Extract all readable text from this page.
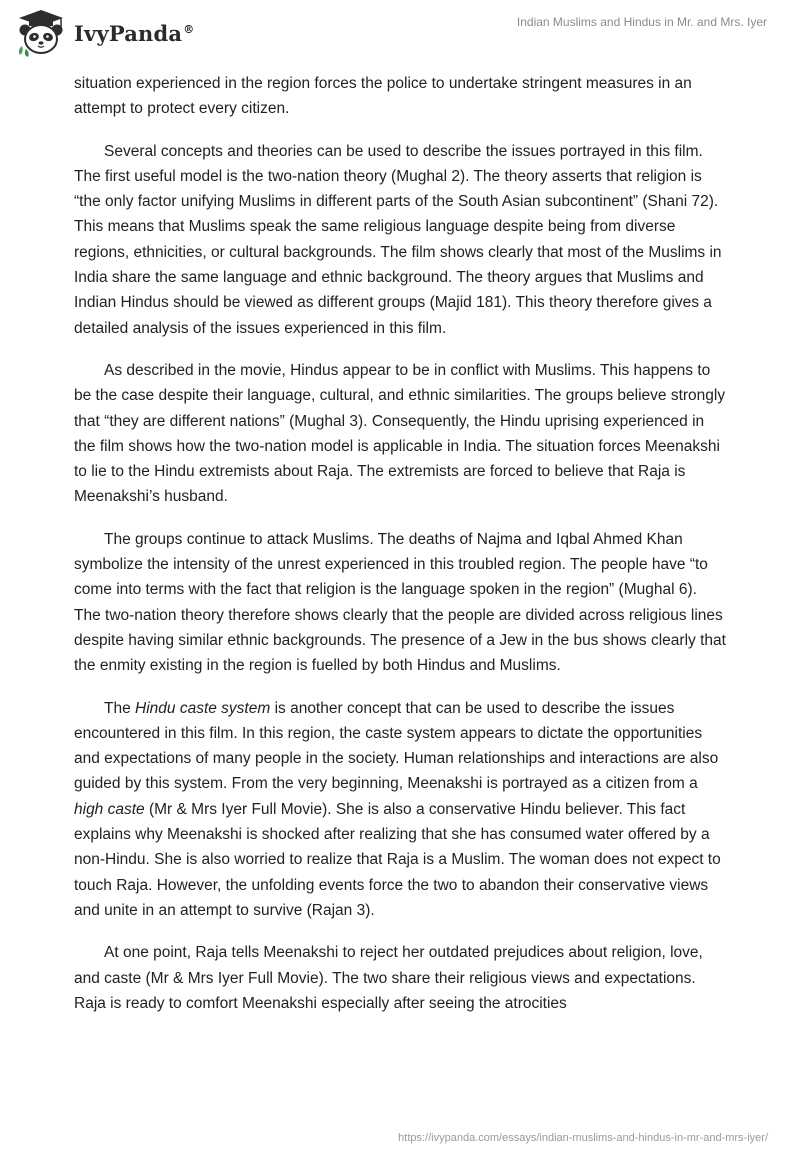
IvyPanda®	Indian Muslims and Hindus in Mr. and Mrs. Iyer

situation experienced in the region forces the police to undertake stringent measures in an attempt to protect every citizen.

Several concepts and theories can be used to describe the issues portrayed in this film. The first useful model is the two-nation theory (Mughal 2). The theory asserts that religion is “the only factor unifying Muslims in different parts of the South Asian subcontinent” (Shani 72). This means that Muslims speak the same religious language despite being from diverse regions, ethnicities, or cultural backgrounds. The film shows clearly that most of the Muslims in India share the same language and ethnic background. The theory argues that Muslims and Indian Hindus should be viewed as different groups (Majid 181). This theory therefore gives a detailed analysis of the issues experienced in this film.

As described in the movie, Hindus appear to be in conflict with Muslims. This happens to be the case despite their language, cultural, and ethnic similarities. The groups believe strongly that “they are different nations” (Mughal 3). Consequently, the Hindu uprising experienced in the film shows how the two-nation model is applicable in India. The situation forces Meenakshi to lie to the Hindu extremists about Raja. The extremists are forced to believe that Raja is Meenakshi’s husband.

The groups continue to attack Muslims. The deaths of Najma and Iqbal Ahmed Khan symbolize the intensity of the unrest experienced in this troubled region. The people have “to come into terms with the fact that religion is the language spoken in the region” (Mughal 6). The two-nation theory therefore shows clearly that the people are divided across religious lines despite having similar ethnic backgrounds. The presence of a Jew in the bus shows clearly that the enmity existing in the region is fuelled by both Hindus and Muslims.

The Hindu caste system is another concept that can be used to describe the issues encountered in this film. In this region, the caste system appears to dictate the opportunities and expectations of many people in the society. Human relationships and interactions are also guided by this system. From the very beginning, Meenakshi is portrayed as a citizen from a high caste (Mr & Mrs Iyer Full Movie). She is also a conservative Hindu believer. This fact explains why Meenakshi is shocked after realizing that she has consumed water offered by a non-Hindu. She is also worried to realize that Raja is a Muslim. The woman does not expect to touch Raja. However, the unfolding events force the two to abandon their conservative views and unite in an attempt to survive (Rajan 3).

At one point, Raja tells Meenakshi to reject her outdated prejudices about religion, love, and caste (Mr & Mrs Iyer Full Movie). The two share their religious views and expectations. Raja is ready to comfort Meenakshi especially after seeing the atrocities

https://ivypanda.com/essays/indian-muslims-and-hindus-in-mr-and-mrs-iyer/
